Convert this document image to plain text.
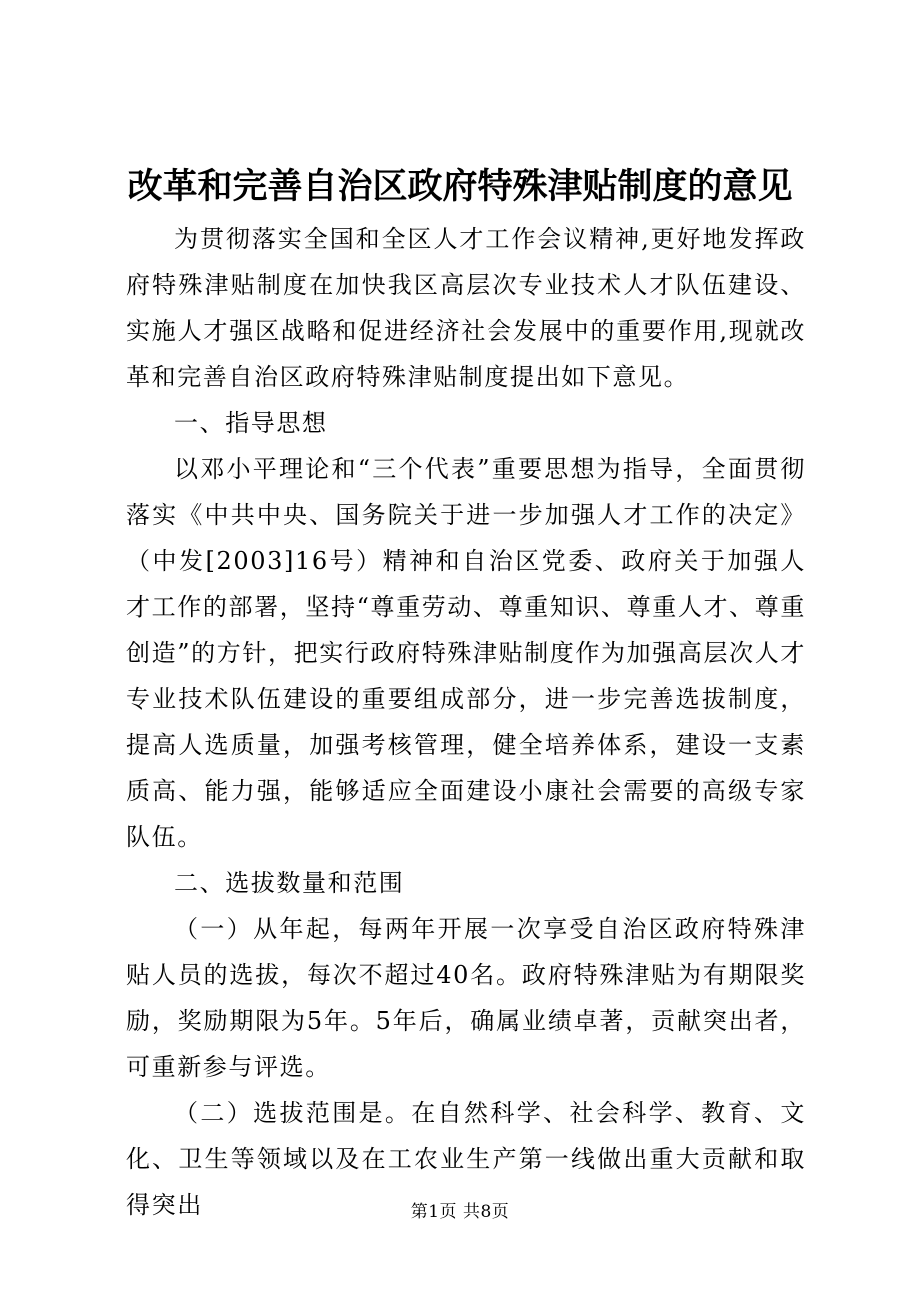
改革和完善自治区政府特殊津贴制度的意见

为贯彻落实全国和全区人才工作会议精神,更好地发挥政府特殊津贴制度在加快我区高层次专业技术人才队伍建设、实施人才强区战略和促进经济社会发展中的重要作用,现就改革和完善自治区政府特殊津贴制度提出如下意见。

一、指导思想

以邓小平理论和“三个代表”重要思想为指导，全面贯彻落实《中共中央、国务院关于进一步加强人才工作的决定》（中发[2003]16号）精神和自治区党委、政府关于加强人才工作的部署，坚持“尊重劳动、尊重知识、尊重人才、尊重创造”的方针，把实行政府特殊津贴制度作为加强高层次人才专业技术队伍建设的重要组成部分，进一步完善选拔制度，提高人选质量，加强考核管理，健全培养体系，建设一支素质高、能力强，能够适应全面建设小康社会需要的高级专家队伍。

二、选拔数量和范围

（一）从年起，每两年开展一次享受自治区政府特殊津贴人员的选拔，每次不超过40名。政府特殊津贴为有期限奖励，奖励期限为5年。5年后，确属业绩卓著，贡献突出者，可重新参与评选。

（二）选拔范围是。在自然科学、社会科学、教育、文化、卫生等领域以及在工农业生产第一线做出重大贡献和取得突出	第1页 共8页
